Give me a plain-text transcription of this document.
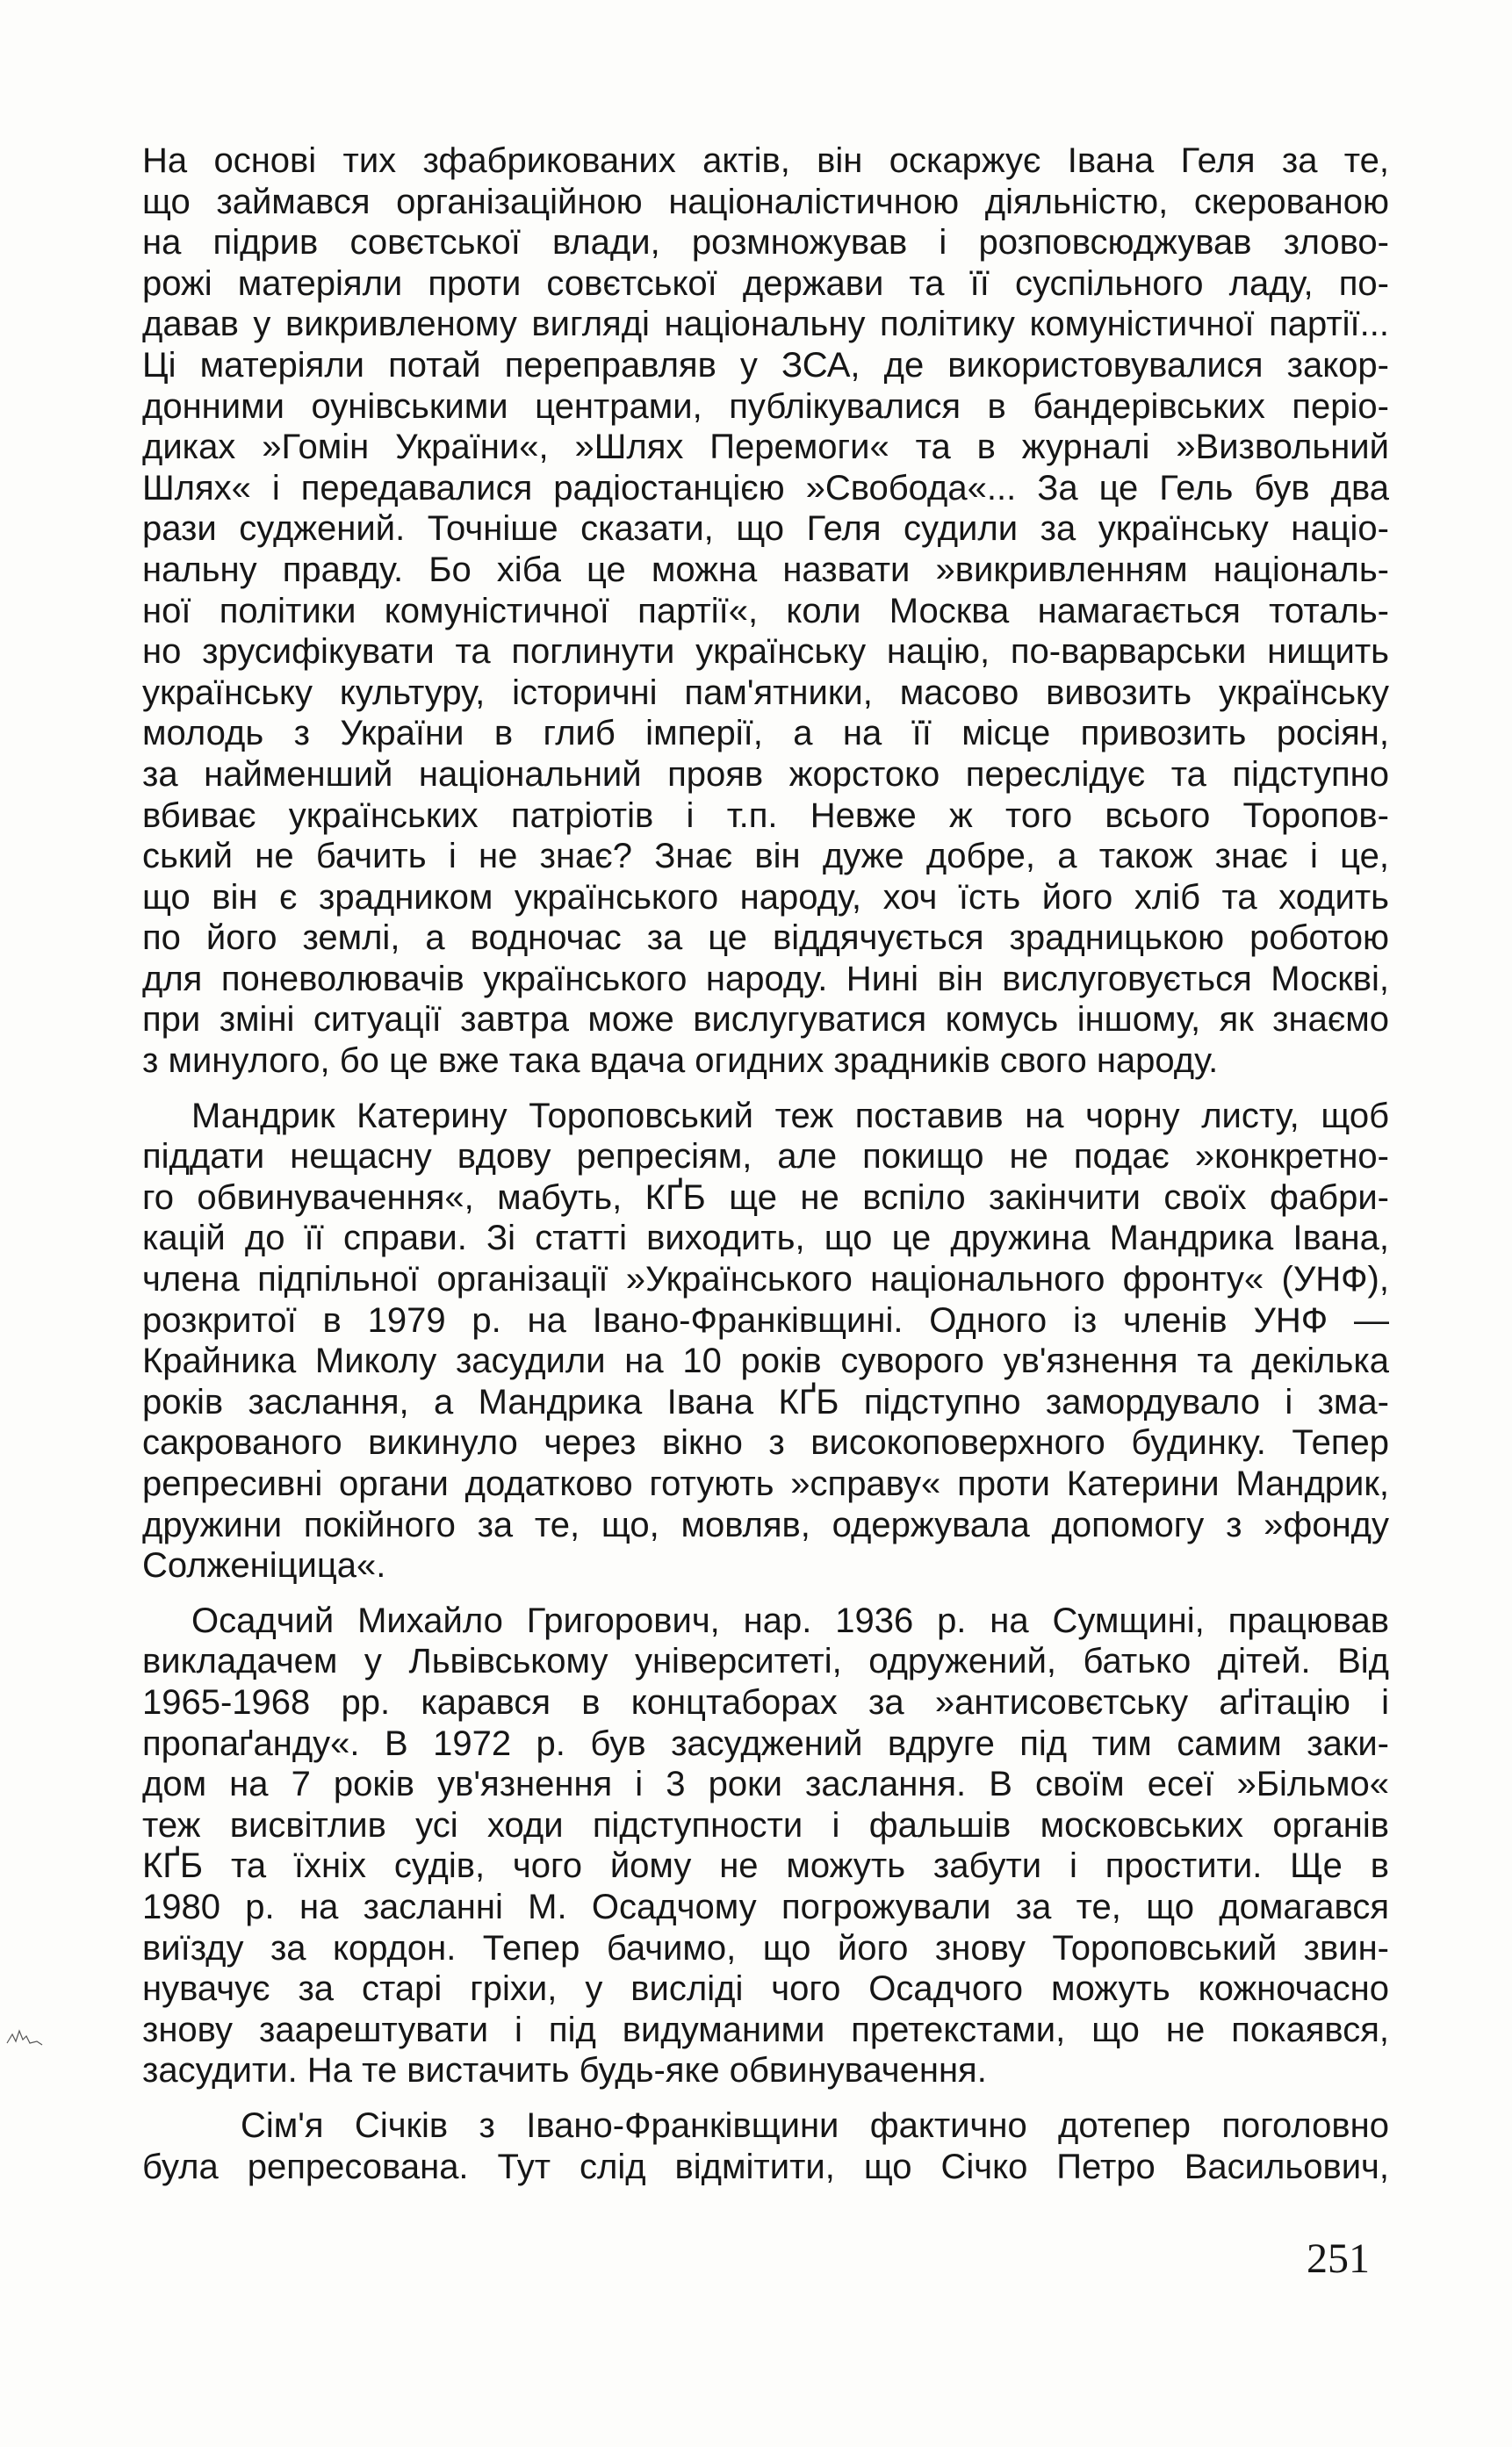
На основі тих зфабрикованих актів, він оскаржує Івана Геля за те,
що займався організаційною націоналістичною діяльністю, скерованою
на підрив совєтської влади, розмножував і розповсюджував злово-
рожі матеріяли проти совєтської держави та її суспільного ладу, по-
давав у викривленому вигляді національну політику комуністичної партії...
Ці матеріяли потай переправляв у ЗСА, де використовувалися закор-
донними оунівськими центрами, публікувалися в бандерівських періо-
диках »Гомін України«, »Шлях Перемоги« та в журналі »Визвольний
Шлях« і передавалися радіостанцією »Свобода«... За це Гель був два
рази суджений. Точніше сказати, що Геля судили за українську націо-
нальну правду. Бо хіба це можна назвати »викривленням національ-
ної політики комуністичної партії«, коли Москва намагається тоталь-
но зрусифікувати та поглинути українську націю, по-варварськи нищить
українську культуру, історичні пам'ятники, масово вивозить українську
молодь з України в глиб імперії, а на її місце привозить росіян,
за найменший національний прояв жорстоко переслідує та підступно
вбиває українських патріотів і т.п. Невже ж того всього Торопов-
ський не бачить і не знає? Знає він дуже добре, а також знає і це,
що він є зрадником українського народу, хоч їсть його хліб та ходить
по його землі, а водночас за це віддячується зрадницькою роботою
для поневолювачів українського народу. Нині він вислуговується Москві,
при зміні ситуації завтра може вислугуватися комусь іншому, як знаємо
з минулого, бо це вже така вдача огидних зрадників свого народу.
Мандрик Катерину Тороповський теж поставив на чорну листу, щоб
піддати нещасну вдову репресіям, але покищо не подає »конкретно-
го обвинувачення«, мабуть, КҐБ ще не вспіло закінчити своїх фабри-
кацій до її справи. Зі статті виходить, що це дружина Мандрика Івана,
члена підпільної організації »Українського національного фронту« (УНФ),
розкритої в 1979 р. на Івано-Франківщині. Одного із членів УНФ —
Крайника Миколу засудили на 10 років суворого ув'язнення та декілька
років заслання, а Мандрика Івана КҐБ підступно замордувало і зма-
сакрованого викинуло через вікно з високоповерхного будинку. Тепер
репресивні органи додатково готують »справу« проти Катерини Мандрик,
дружини покійного за те, що, мовляв, одержувала допомогу з »фонду
Солженіцица«.
Осадчий Михайло Григорович, нар. 1936 р. на Сумщині, працював
викладачем у Львівському університеті, одружений, батько дітей. Від
1965-1968 рр. карався в концтаборах за »антисовєтську аґітацію і
пропаґанду«. В 1972 р. був засуджений вдруге під тим самим заки-
дом на 7 років ув'язнення і 3 роки заслання. В своїм есеї »Більмо«
теж висвітлив усі ходи підступности і фальшів московських органів
КҐБ та їхніх судів, чого йому не можуть забути і простити. Ще в
1980 р. на засланні М. Осадчому погрожували за те, що домагався
виїзду за кордон. Тепер бачимо, що його знову Тороповський звин-
нувачує за старі гріхи, у висліді чого Осадчого можуть кожночасно
знову заарештувати і під видуманими претекстами, що не покаявся,
засудити. На те вистачить будь-яке обвинувачення.
Сім'я Січків з Івано-Франківщини фактично дотепер поголовно
була репресована. Тут слід відмітити, що Січко Петро Васильович,
251
